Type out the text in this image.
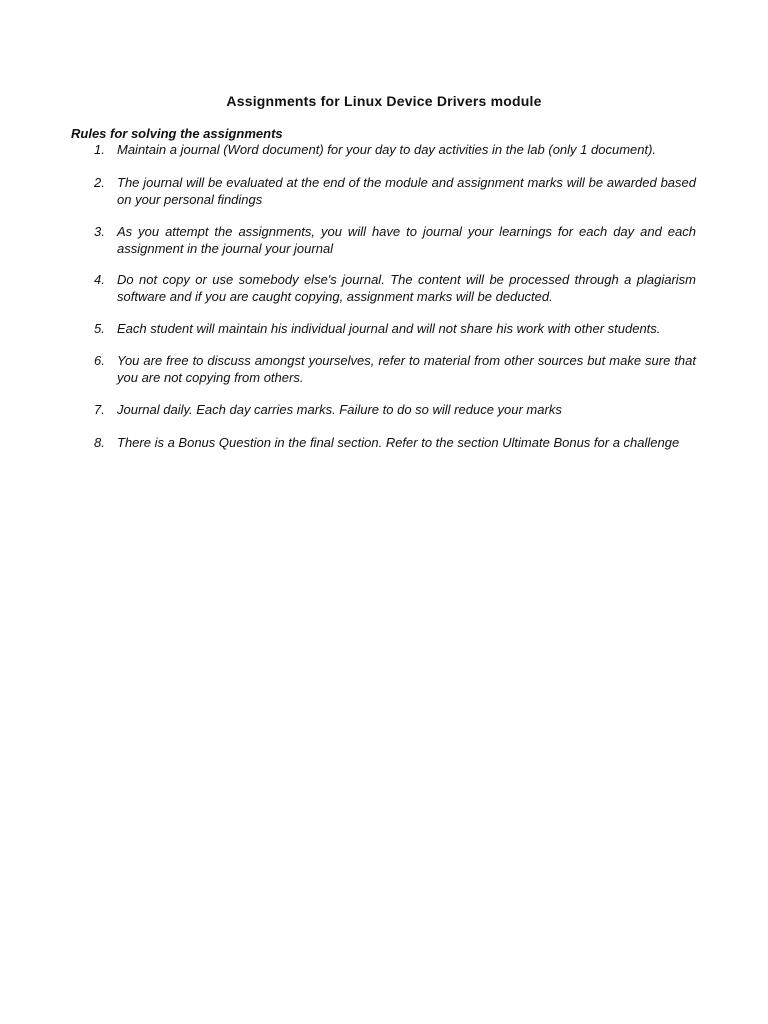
Assignments for Linux Device Drivers module
Rules for solving the assignments
1. Maintain a journal (Word document) for your day to day activities in the lab (only 1 document).
2. The journal will be evaluated at the end of the module and assignment marks will be awarded based on your personal findings
3. As you attempt the assignments, you will have to journal your learnings for each day and each assignment in the journal your journal
4. Do not copy or use somebody else's journal. The content will be processed through a plagiarism software and if you are caught copying, assignment marks will be deducted.
5. Each student will maintain his individual journal and will not share his work with other students.
6. You are free to discuss amongst yourselves, refer to material from other sources but make sure that you are not copying from others.
7. Journal daily. Each day carries marks. Failure to do so will reduce your marks
8. There is a Bonus Question in the final section. Refer to the section Ultimate Bonus for a challenge
